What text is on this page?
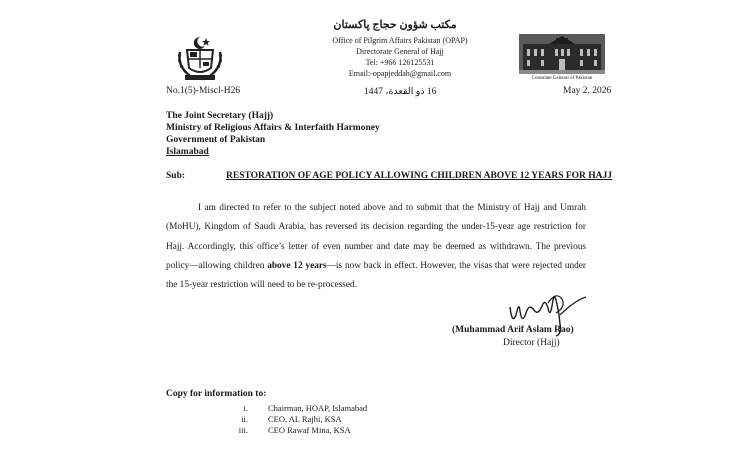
مکتب شؤون حجاج پاکستان
Office of Pilgrim Affairs Pakistan (OPAP)
Directorate General of Hajj
Tel: +966 126125531
Email:-opapjeddah@gmail.com
Consulate General of Pakistan
No.1(5)-Miscl-H26	16 ذو القعدة، 1447	May 2, 2026
The Joint Secretary (Hajj)
Ministry of Religious Affairs & Interfaith Harmoney
Government of Pakistan
Islamabad
Sub:	RESTORATION OF AGE POLICY ALLOWING CHILDREN ABOVE 12 YEARS FOR HAJJ
I am directed to refer to the subject noted above and to submit that the Ministry of Hajj and Umrah (MoHU), Kingdom of Saudi Arabia, has reversed its decision regarding the under-15-year age restriction for Hajj. Accordingly, this office’s letter of even number and date may be deemed as withdrawn. The previous policy—allowing children above 12 years—is now back in effect. However, the visas that were rejected under the 15-year restriction will need to be re-processed.
(Muhammad Arif Aslam Rao)
Director (Hajj)
Copy for information to:
i. Chairman, HOAP, Islamabad
ii. CEO, AL Rajhi, KSA
iii. CEO Rawaf Mina, KSA
